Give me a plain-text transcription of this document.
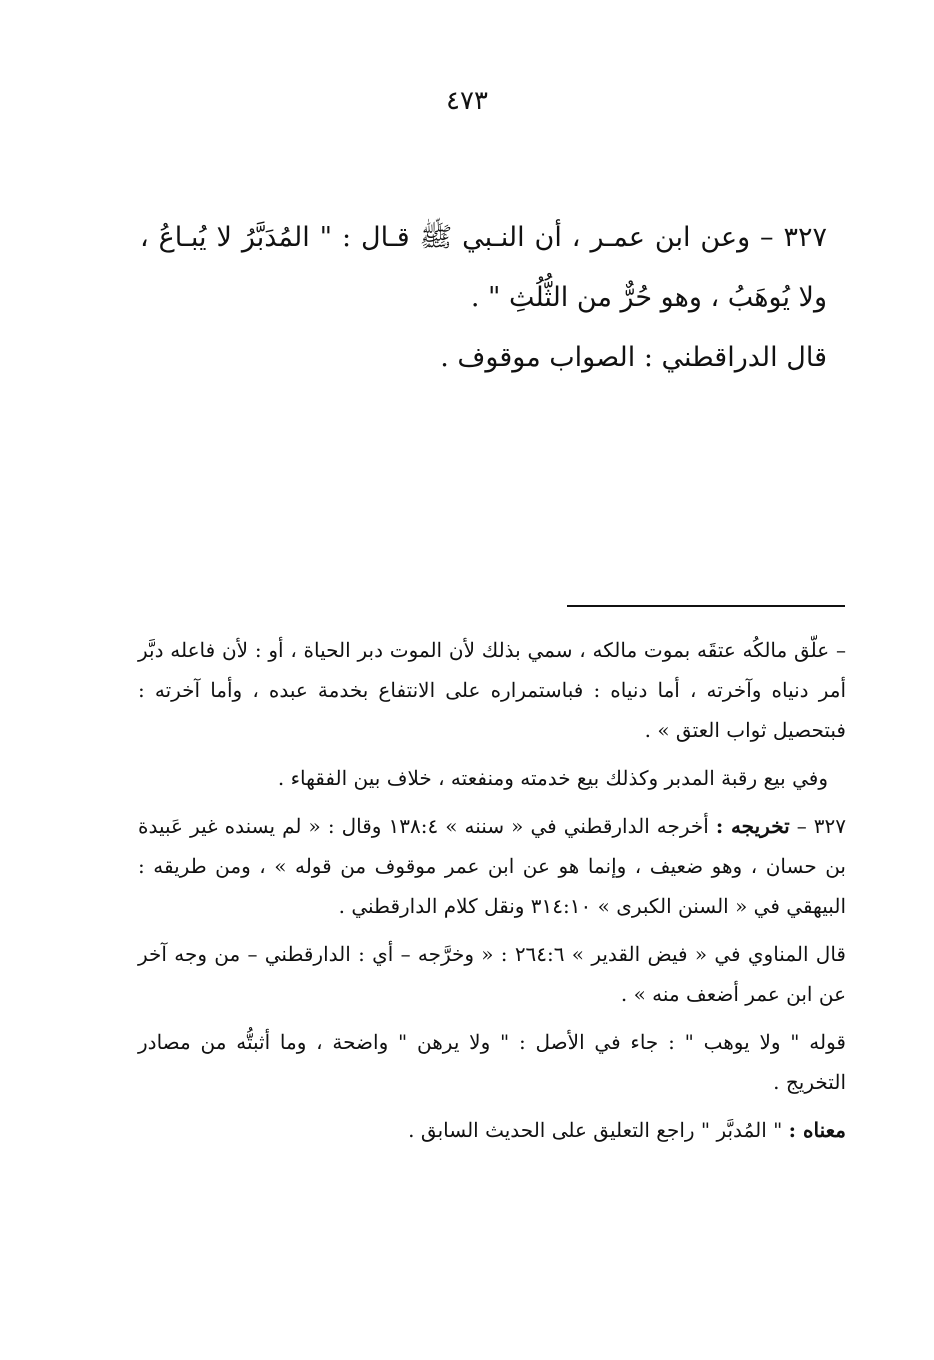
٤٧٣

٣٢٧ – وعن ابن عمـر ، أن النـبي ﷺ قـال : " المُدَبَّرُ لا يُبـاعُ ، ولا يُوهَبُ ، وهو حُرٌّ من الثُّلُثِ " .

قال الدراقطني : الصواب موقوف .

– علّق مالكُه عتقَه بموت مالكه ، سمي بذلك لأن الموت دبر الحياة ، أو : لأن فاعله دبَّر أمر دنياه وآخرته ، أما دنياه : فباستمراره على الانتفاع بخدمة عبده ، وأما آخرته : فبتحصيل ثواب العتق » .

وفي بيع رقبة المدبر وكذلك بيع خدمته ومنفعته ، خلاف بين الفقهاء .

٣٢٧ – تخريجه : أخرجه الدارقطني في « سننه » ١٣٨:٤ وقال : « لم يسنده غير عَبيدة بن حسان ، وهو ضعيف ، وإنما هو عن ابن عمر موقوف من قوله » ، ومن طريقه : البيهقي في « السنن الكبرى » ٣١٤:١٠ ونقل كلام الدارقطني .

قال المناوي في « فيض القدير » ٢٦٤:٦ : « وخرَّجه – أي : الدارقطني – من وجه آخر عن ابن عمر أضعف منه » .

قوله " ولا يوهب " : جاء في الأصل : " ولا يرهن " واضحة ، وما أثبتُّه من مصادر التخريج .

معناه : " المُدبَّر " راجع التعليق على الحديث السابق .
